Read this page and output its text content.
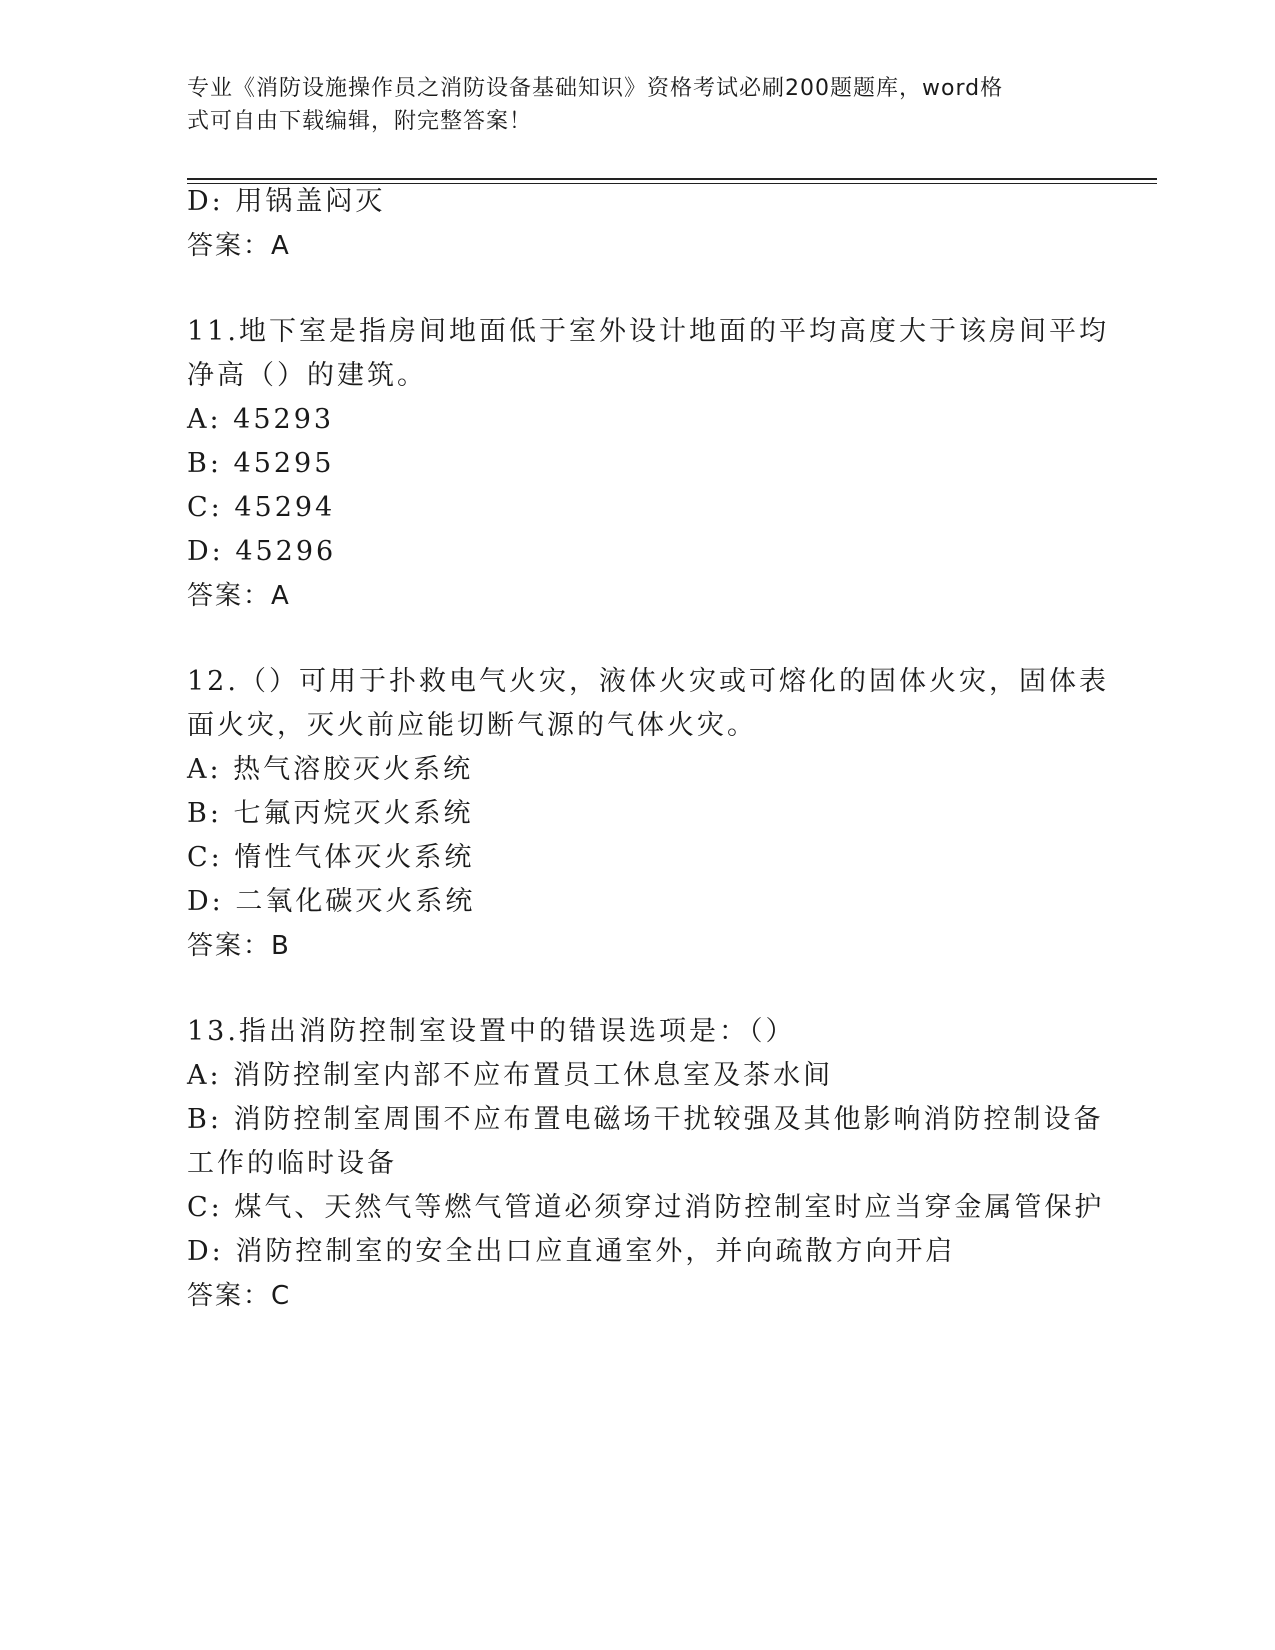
专业《消防设施操作员之消防设备基础知识》资格考试必刷200题题库，word格
式可自由下载编辑，附完整答案！
D: 用锅盖闷灭
答案：A
11.地下室是指房间地面低于室外设计地面的平均高度大于该房间平均
净高（）的建筑。
A: 45293
B: 45295
C: 45294
D: 45296
答案：A
12.（）可用于扑救电气火灾，液体火灾或可熔化的固体火灾，固体表
面火灾，灭火前应能切断气源的气体火灾。
A: 热气溶胶灭火系统
B: 七氟丙烷灭火系统
C: 惰性气体灭火系统
D: 二氧化碳灭火系统
答案：B
13.指出消防控制室设置中的错误选项是：（）
A: 消防控制室内部不应布置员工休息室及茶水间
B: 消防控制室周围不应布置电磁场干扰较强及其他影响消防控制设备
工作的临时设备
C: 煤气、天然气等燃气管道必须穿过消防控制室时应当穿金属管保护
D: 消防控制室的安全出口应直通室外，并向疏散方向开启
答案：C
